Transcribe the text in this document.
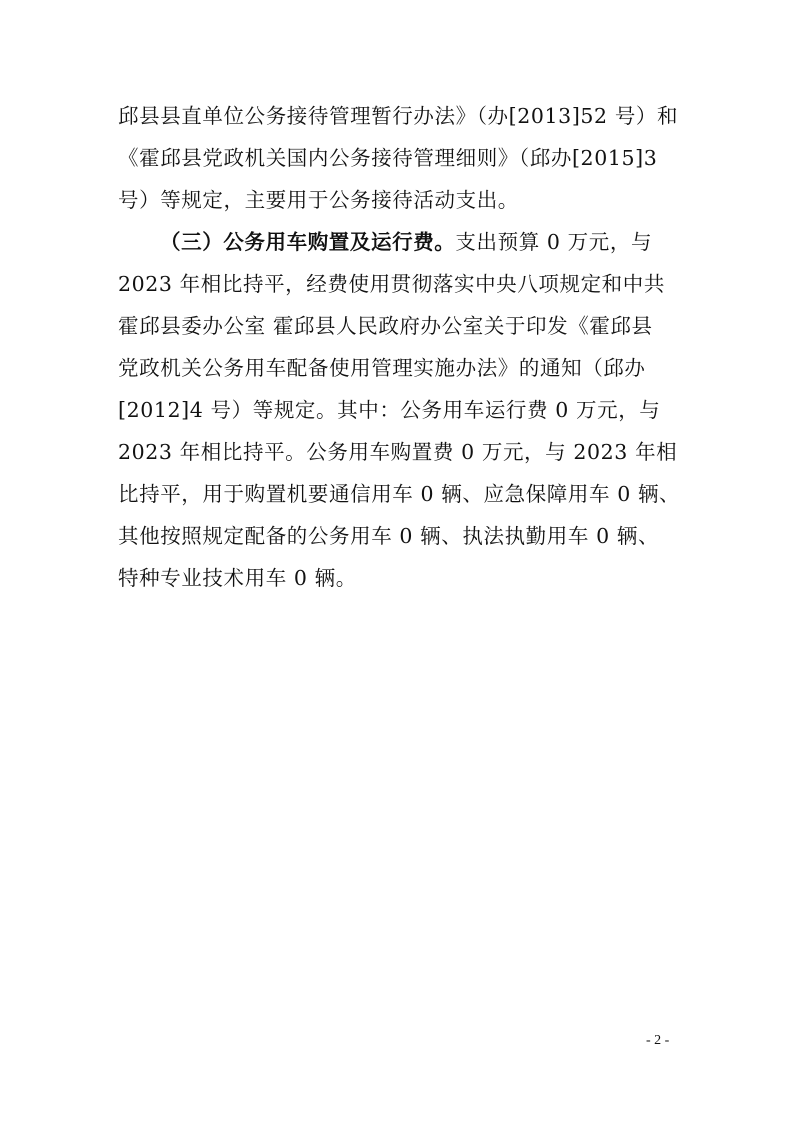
邱县县直单位公务接待管理暂行办法》（办[2013]52 号）和
《霍邱县党政机关国内公务接待管理细则》（邱办[2015]3
号）等规定，主要用于公务接待活动支出。
（三）公务用车购置及运行费。支出预算 0 万元，与
2023 年相比持平，经费使用贯彻落实中央八项规定和中共
霍邱县委办公室 霍邱县人民政府办公室关于印发《霍邱县
党政机关公务用车配备使用管理实施办法》的通知（邱办
[2012]4 号）等规定。其中：公务用车运行费 0 万元，与
2023 年相比持平。公务用车购置费 0 万元，与 2023 年相
比持平，用于购置机要通信用车 0 辆、应急保障用车 0 辆、
其他按照规定配备的公务用车 0 辆、执法执勤用车 0 辆、
特种专业技术用车 0 辆。
- 2 -
